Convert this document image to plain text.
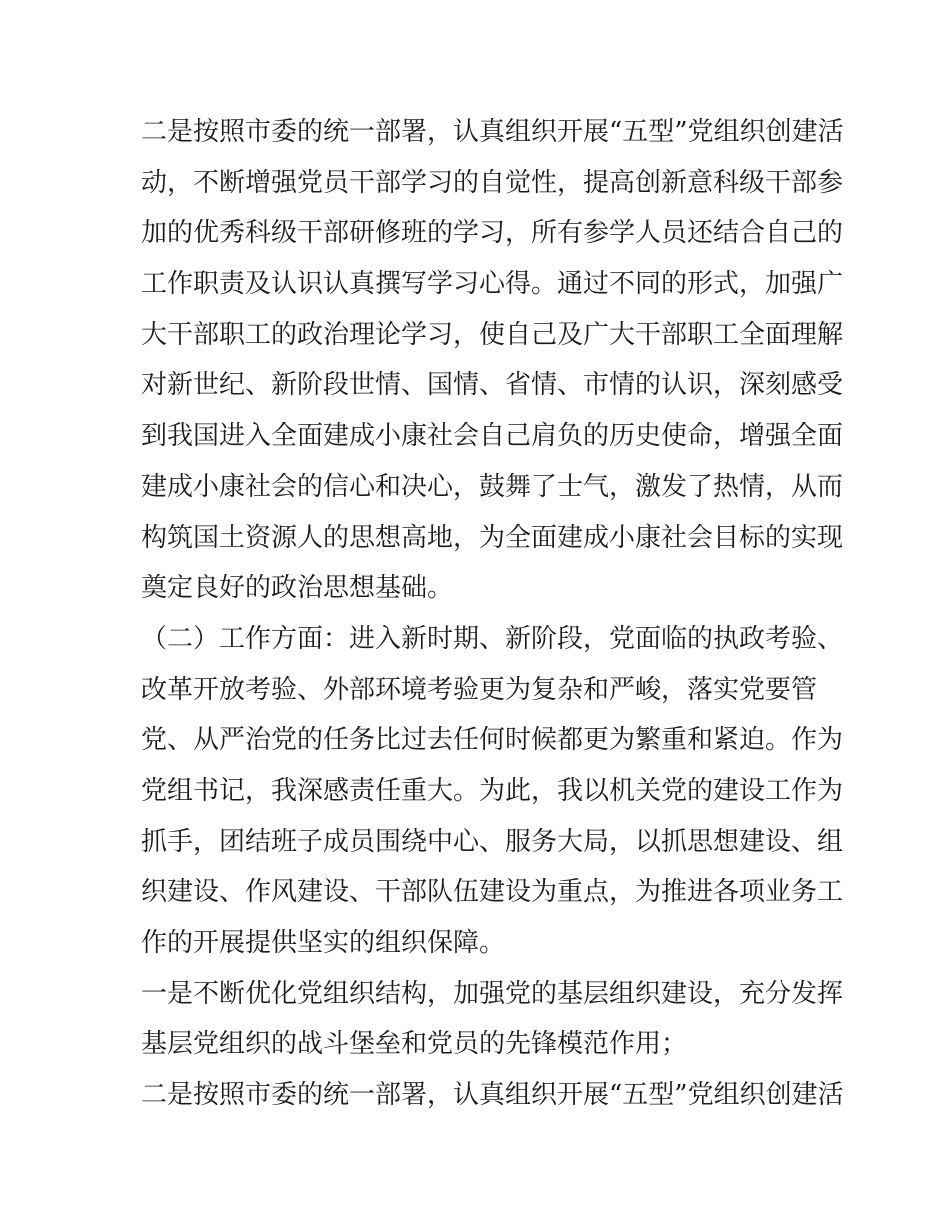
二是按照市委的统一部署，认真组织开展“五型”党组织创建活
动，不断增强党员干部学习的自觉性，提高创新意科级干部参
加的优秀科级干部研修班的学习，所有参学人员还结合自己的
工作职责及认识认真撰写学习心得。通过不同的形式，加强广
大干部职工的政治理论学习，使自己及广大干部职工全面理解
对新世纪、新阶段世情、国情、省情、市情的认识，深刻感受
到我国进入全面建成小康社会自己肩负的历史使命，增强全面
建成小康社会的信心和决心，鼓舞了士气，激发了热情，从而
构筑国土资源人的思想高地，为全面建成小康社会目标的实现
奠定良好的政治思想基础。
（二）工作方面：进入新时期、新阶段，党面临的执政考验、
改革开放考验、外部环境考验更为复杂和严峻，落实党要管
党、从严治党的任务比过去任何时候都更为繁重和紧迫。作为
党组书记，我深感责任重大。为此，我以机关党的建设工作为
抓手，团结班子成员围绕中心、服务大局，以抓思想建设、组
织建设、作风建设、干部队伍建设为重点，为推进各项业务工
作的开展提供坚实的组织保障。
一是不断优化党组织结构，加强党的基层组织建设，充分发挥
基层党组织的战斗堡垒和党员的先锋模范作用；
二是按照市委的统一部署，认真组织开展“五型”党组织创建活
